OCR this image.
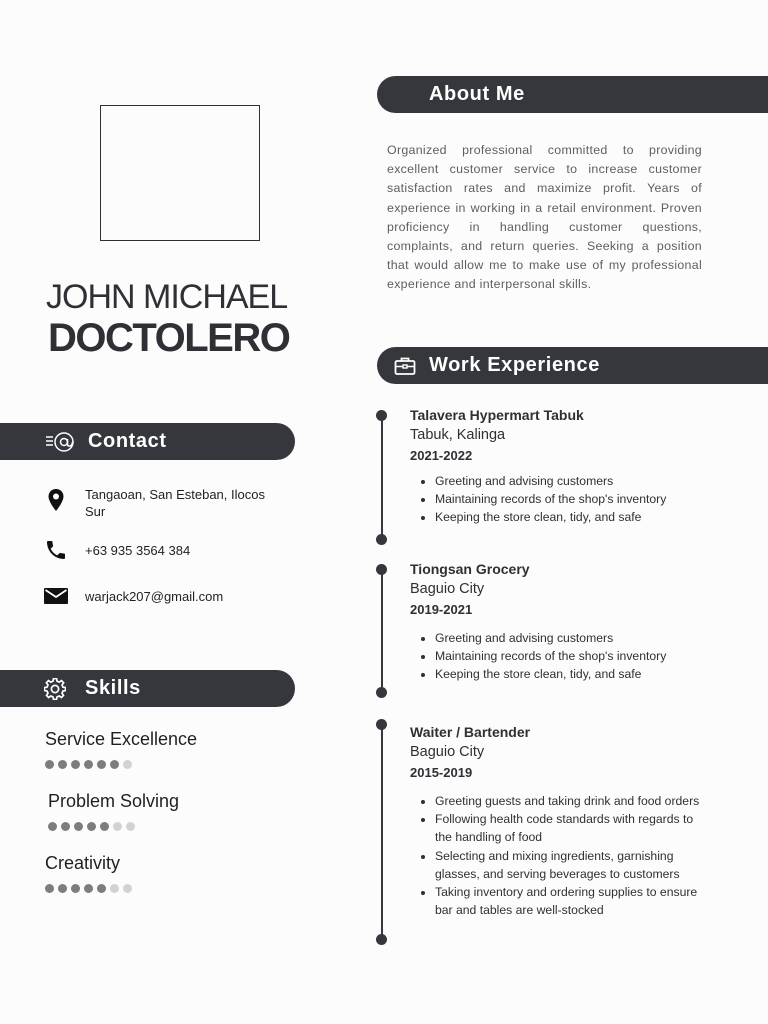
JOHN MICHAEL
DOCTOLERO
About Me
Organized professional committed to providing excellent customer service to increase customer satisfaction rates and maximize profit. Years of experience in working in a retail environment. Proven proficiency in handling customer questions, complaints, and return queries. Seeking a position that would allow me to make use of my professional experience and interpersonal skills.
Work Experience
Contact
Tangaoan, San Esteban, Ilocos Sur
+63 935 3564 384
warjack207@gmail.com
Skills
Service Excellence
Problem Solving
Creativity
Talavera Hypermart Tabuk
Tabuk, Kalinga
2021-2022
• Greeting and advising customers
• Maintaining records of the shop's inventory
• Keeping the store clean, tidy, and safe
Tiongsan Grocery
Baguio City
2019-2021
• Greeting and advising customers
• Maintaining records of the shop's inventory
• Keeping the store clean, tidy, and safe
Waiter / Bartender
Baguio City
2015-2019
• Greeting guests and taking drink and food orders
• Following health code standards with regards to the handling of food
• Selecting and mixing ingredients, garnishing glasses, and serving beverages to customers
• Taking inventory and ordering supplies to ensure bar and tables are well-stocked
